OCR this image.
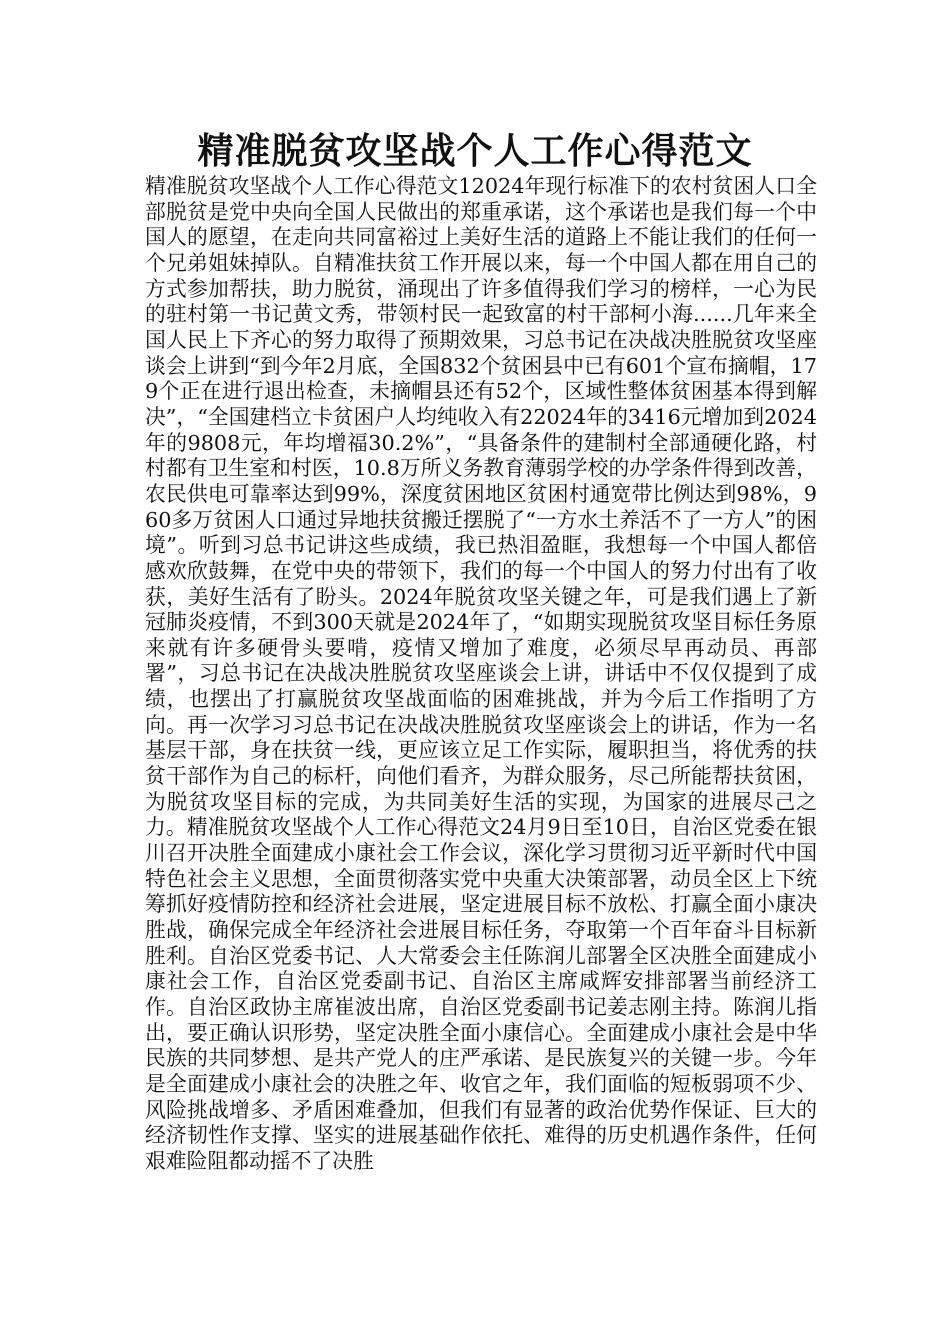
精准脱贫攻坚战个人工作心得范文

精准脱贫攻坚战个人工作心得范文12024年现行标准下的农村贫困人口全部脱贫是党中央向全国人民做出的郑重承诺，这个承诺也是我们每一个中国人的愿望，在走向共同富裕过上美好生活的道路上不能让我们的任何一个兄弟姐妹掉队。自精准扶贫工作开展以来，每一个中国人都在用自己的方式参加帮扶，助力脱贫，涌现出了许多值得我们学习的榜样，一心为民的驻村第一书记黄文秀，带领村民一起致富的村干部柯小海......几年来全国人民上下齐心的努力取得了预期效果，习总书记在决战决胜脱贫攻坚座谈会上讲到“到今年2月底，全国832个贫困县中已有601个宣布摘帽，179个正在进行退出检查，未摘帽县还有52个，区域性整体贫困基本得到解决”，“全国建档立卡贫困户人均纯收入有22024年的3416元增加到2024年的9808元，年均增福30.2%”，“具备条件的建制村全部通硬化路，村村都有卫生室和村医，10.8万所义务教育薄弱学校的办学条件得到改善，农民供电可靠率达到99%，深度贫困地区贫困村通宽带比例达到98%，960多万贫困人口通过异地扶贫搬迁摆脱了“一方水土养活不了一方人”的困境”。听到习总书记讲这些成绩，我已热泪盈眶，我想每一个中国人都倍感欢欣鼓舞，在党中央的带领下，我们的每一个中国人的努力付出有了收获，美好生活有了盼头。2024年脱贫攻坚关键之年，可是我们遇上了新冠肺炎疫情，不到300天就是2024年了，“如期实现脱贫攻坚目标任务原来就有许多硬骨头要啃，疫情又增加了难度，必须尽早再动员、再部署”，习总书记在决战决胜脱贫攻坚座谈会上讲，讲话中不仅仅提到了成绩，也摆出了打赢脱贫攻坚战面临的困难挑战，并为今后工作指明了方向。再一次学习习总书记在决战决胜脱贫攻坚座谈会上的讲话，作为一名基层干部，身在扶贫一线，更应该立足工作实际，履职担当，将优秀的扶贫干部作为自己的标杆，向他们看齐，为群众服务，尽己所能帮扶贫困，为脱贫攻坚目标的完成，为共同美好生活的实现，为国家的进展尽己之力。精准脱贫攻坚战个人工作心得范文24月9日至10日，自治区党委在银川召开决胜全面建成小康社会工作会议，深化学习贯彻习近平新时代中国特色社会主义思想，全面贯彻落实党中央重大决策部署，动员全区上下统筹抓好疫情防控和经济社会进展，坚定进展目标不放松、打赢全面小康决胜战，确保完成全年经济社会进展目标任务，夺取第一个百年奋斗目标新胜利。自治区党委书记、人大常委会主任陈润儿部署全区决胜全面建成小康社会工作，自治区党委副书记、自治区主席咸辉安排部署当前经济工作。自治区政协主席崔波出席，自治区党委副书记姜志刚主持。陈润儿指出，要正确认识形势，坚定决胜全面小康信心。全面建成小康社会是中华民族的共同梦想、是共产党人的庄严承诺、是民族复兴的关键一步。今年是全面建成小康社会的决胜之年、收官之年，我们面临的短板弱项不少、风险挑战增多、矛盾困难叠加，但我们有显著的政治优势作保证、巨大的经济韧性作支撑、坚实的进展基础作依托、难得的历史机遇作条件，任何艰难险阻都动摇不了决胜
